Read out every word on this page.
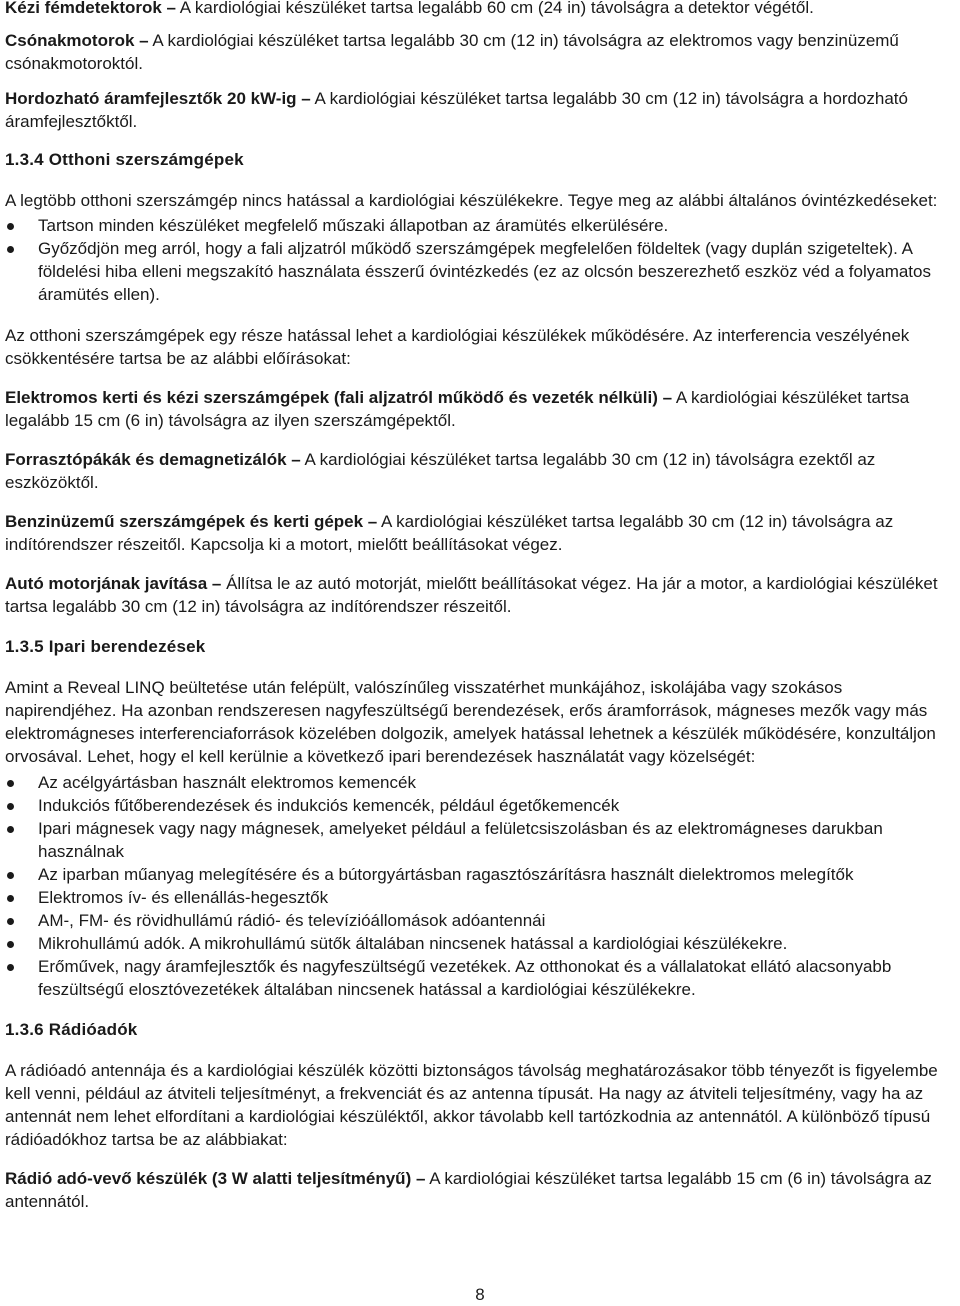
Kézi fémdetektorok – A kardiológiai készüléket tartsa legalább 60 cm (24 in) távolságra a detektor végétől.

Csónakmotorok – A kardiológiai készüléket tartsa legalább 30 cm (12 in) távolságra az elektromos vagy benzinüzemű csónakmotoroktól.

Hordozható áramfejlesztők 20 kW-ig – A kardiológiai készüléket tartsa legalább 30 cm (12 in) távolságra a hordozható áramfejlesztőktől.

1.3.4 Otthoni szerszámgépek

A legtöbb otthoni szerszámgép nincs hatással a kardiológiai készülékekre. Tegye meg az alábbi általános óvintézkedéseket:

Tartson minden készüléket megfelelő műszaki állapotban az áramütés elkerülésére.
Győződjön meg arról, hogy a fali aljzatról működő szerszámgépek megfelelően földeltek (vagy duplán szigeteltek). A földelési hiba elleni megszakító használata ésszerű óvintézkedés (ez az olcsón beszerezhető eszköz véd a folyamatos áramütés ellen).

Az otthoni szerszámgépek egy része hatással lehet a kardiológiai készülékek működésére. Az interferencia veszélyének csökkentésére tartsa be az alábbi előírásokat:

Elektromos kerti és kézi szerszámgépek (fali aljzatról működő és vezeték nélküli) – A kardiológiai készüléket tartsa legalább 15 cm (6 in) távolságra az ilyen szerszámgépektől.

Forrasztópákák és demagnetizálók – A kardiológiai készüléket tartsa legalább 30 cm (12 in) távolságra ezektől az eszközöktől.

Benzinüzemű szerszámgépek és kerti gépek – A kardiológiai készüléket tartsa legalább 30 cm (12 in) távolságra az indítórendszer részeitől. Kapcsolja ki a motort, mielőtt beállításokat végez.

Autó motorjának javítása – Állítsa le az autó motorját, mielőtt beállításokat végez. Ha jár a motor, a kardiológiai készüléket tartsa legalább 30 cm (12 in) távolságra az indítórendszer részeitől.

1.3.5 Ipari berendezések

Amint a Reveal LINQ beültetése után felépült, valószínűleg visszatérhet munkájához, iskolájába vagy szokásos napirendjéhez. Ha azonban rendszeresen nagyfeszültségű berendezések, erős áramforrások, mágneses mezők vagy más elektromágneses interferenciaforrások közelében dolgozik, amelyek hatással lehetnek a készülék működésére, konzultáljon orvosával. Lehet, hogy el kell kerülnie a következő ipari berendezések használatát vagy közelségét:

Az acélgyártásban használt elektromos kemencék
Indukciós fűtőberendezések és indukciós kemencék, például égetőkemencék
Ipari mágnesek vagy nagy mágnesek, amelyeket például a felületcsiszolásban és az elektromágneses darukban használnak
Az iparban műanyag melegítésére és a bútorgyártásban ragasztószárításra használt dielektromos melegítők
Elektromos ív- és ellenállás-hegesztők
AM-, FM- és rövidhullámú rádió- és televízióállomások adóantennái
Mikrohullámú adók. A mikrohullámú sütők általában nincsenek hatással a kardiológiai készülékekre.
Erőművek, nagy áramfejlesztők és nagyfeszültségű vezetékek. Az otthonokat és a vállalatokat ellátó alacsonyabb feszültségű elosztóvezetékek általában nincsenek hatással a kardiológiai készülékekre.

1.3.6 Rádióadók

A rádióadó antennája és a kardiológiai készülék közötti biztonságos távolság meghatározásakor több tényezőt is figyelembe kell venni, például az átviteli teljesítményt, a frekvenciát és az antenna típusát. Ha nagy az átviteli teljesítmény, vagy ha az antennát nem lehet elfordítani a kardiológiai készüléktől, akkor távolabb kell tartózkodnia az antennától. A különböző típusú rádióadókhoz tartsa be az alábbiakat:

Rádió adó-vevő készülék (3 W alatti teljesítményű) – A kardiológiai készüléket tartsa legalább 15 cm (6 in) távolságra az antennától.

8
